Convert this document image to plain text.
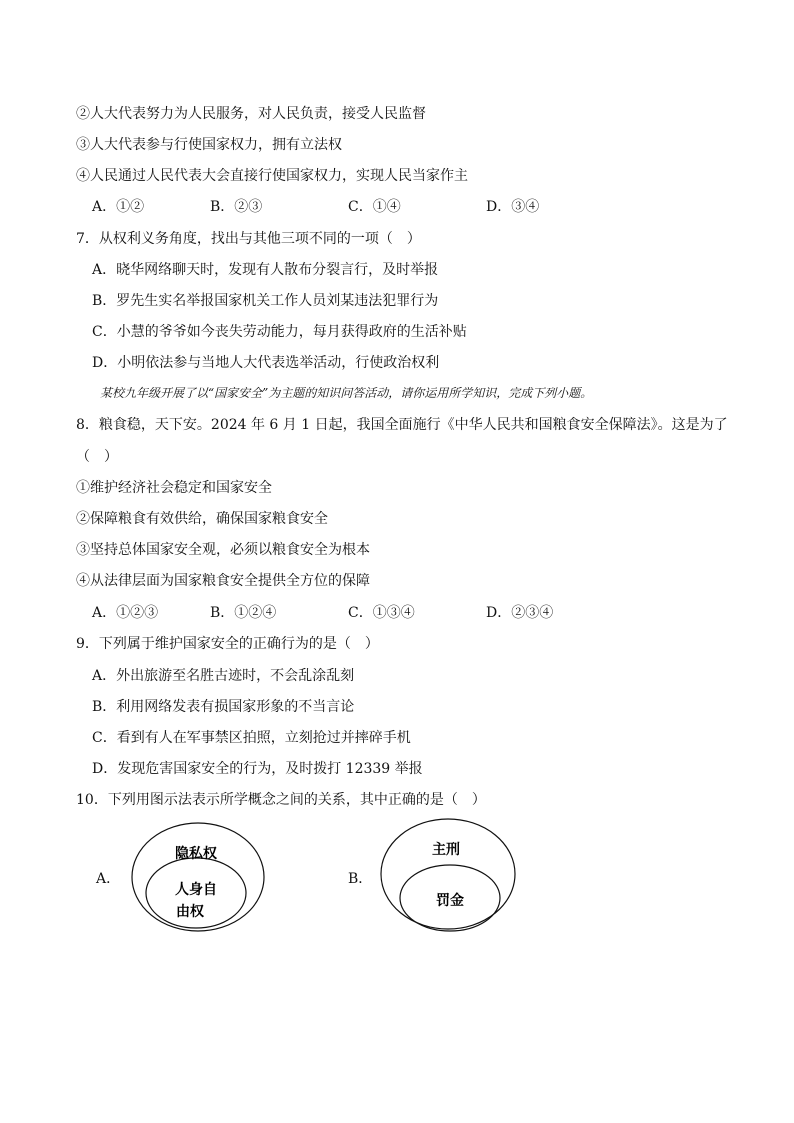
②人大代表努力为人民服务，对人民负责，接受人民监督
③人大代表参与行使国家权力，拥有立法权
④人民通过人民代表大会直接行使国家权力，实现人民当家作主
A．①②	B．②③	C．①④	D．③④
7．从权利义务角度，找出与其他三项不同的一项（　）
A．晓华网络聊天时，发现有人散布分裂言行，及时举报
B．罗先生实名举报国家机关工作人员刘某违法犯罪行为
C．小慧的爷爷如今丧失劳动能力，每月获得政府的生活补贴
D．小明依法参与当地人大代表选举活动，行使政治权利
某校九年级开展了以“国家安全”为主题的知识问答活动，请你运用所学知识，完成下列小题。
8．粮食稳，天下安。2024 年 6 月 1 日起，我国全面施行《中华人民共和国粮食安全保障法》。这是为了
（　）
①维护经济社会稳定和国家安全
②保障粮食有效供给，确保国家粮食安全
③坚持总体国家安全观，必须以粮食安全为根本
④从法律层面为国家粮食安全提供全方位的保障
A．①②③	B．①②④	C．①③④	D．②③④
9．下列属于维护国家安全的正确行为的是（　）
A．外出旅游至名胜古迹时，不会乱涂乱刻
B．利用网络发表有损国家形象的不当言论
C．看到有人在军事禁区拍照，立刻抢过并摔碎手机
D．发现危害国家安全的行为，及时拨打 12339 举报
10．下列用图示法表示所学概念之间的关系，其中正确的是（　）
A．
隐私权
人身自
由权
B．
主刑
罚金
